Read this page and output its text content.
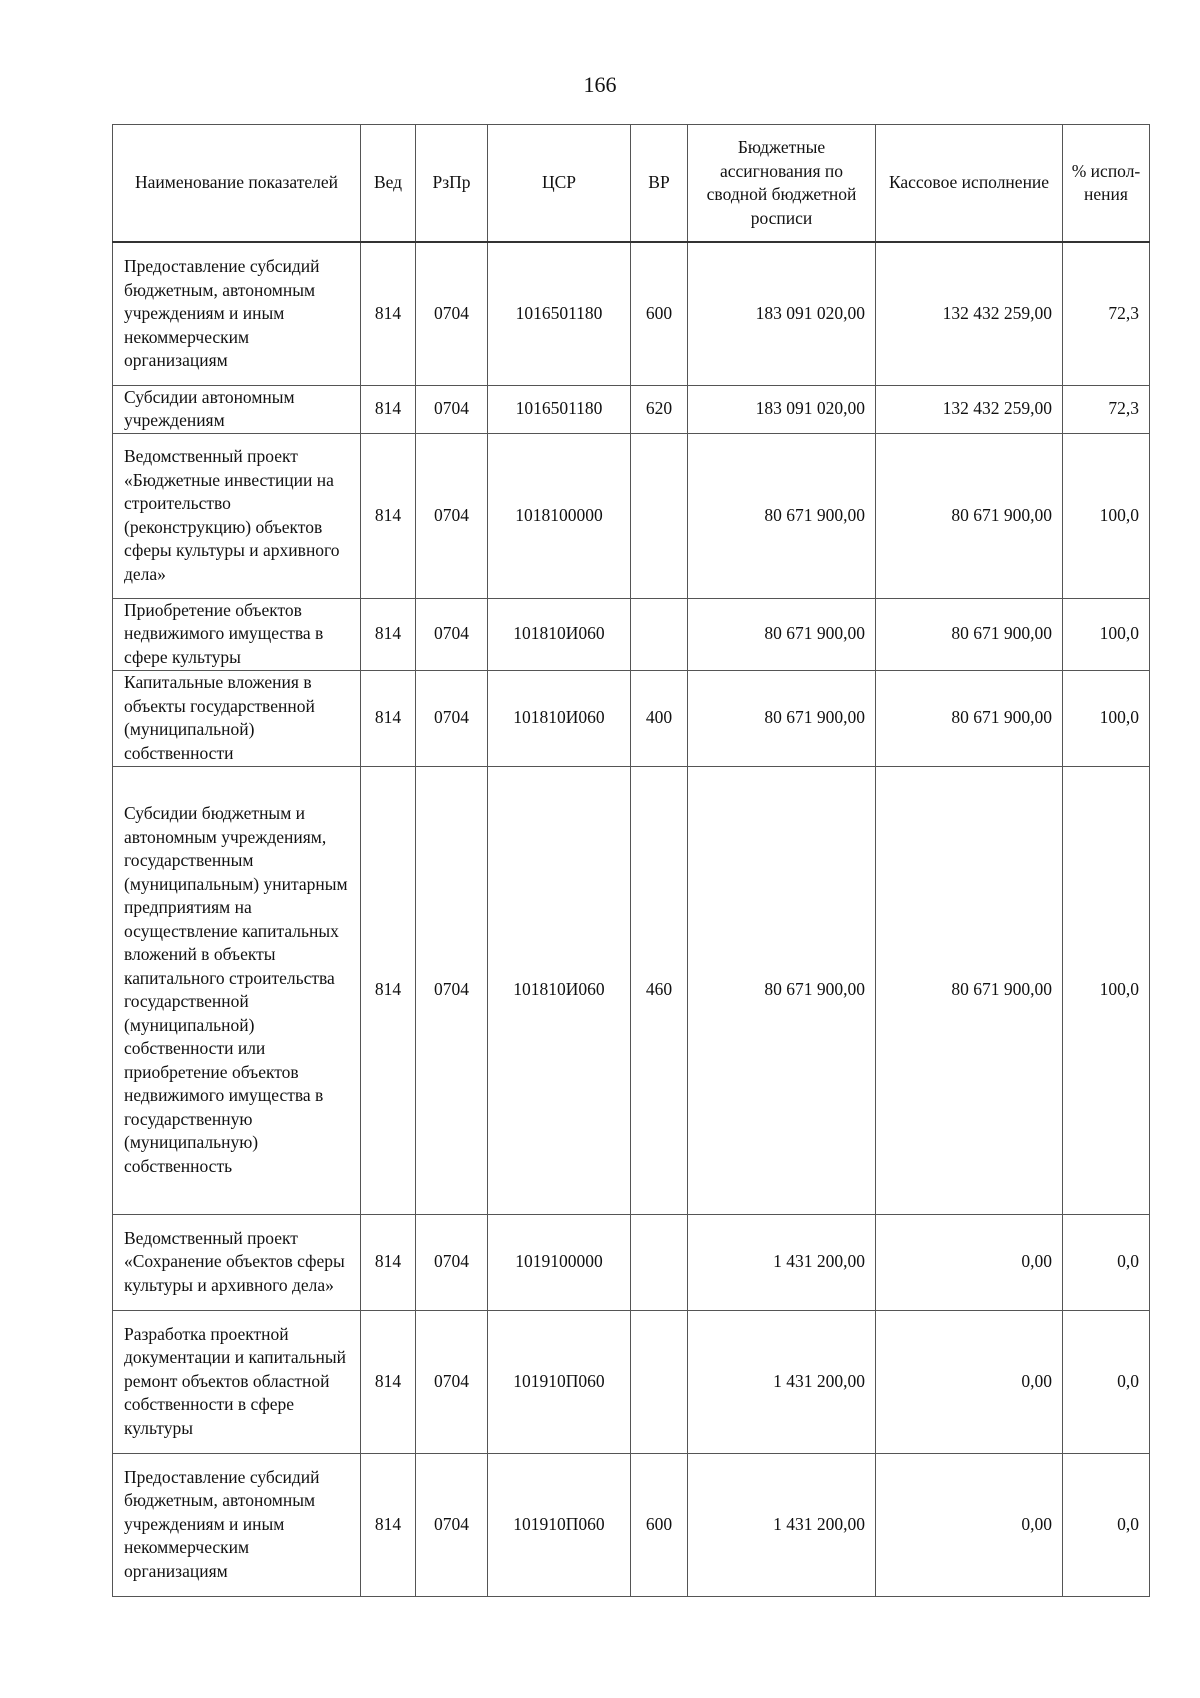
166
Наименование показателей	Вед	РзПр	ЦСР	ВР	Бюджетные ассигнования по сводной бюджетной росписи	Кассовое исполнение	% испол-нения
Предоставление субсидий бюджетным, автономным учреждениям и иным некоммерческим организациям	814	0704	1016501180	600	183 091 020,00	132 432 259,00	72,3
Субсидии автономным учреждениям	814	0704	1016501180	620	183 091 020,00	132 432 259,00	72,3
Ведомственный проект «Бюджетные инвестиции на строительство (реконструкцию) объектов сферы культуры и архивного дела»	814	0704	1018100000		80 671 900,00	80 671 900,00	100,0
Приобретение объектов недвижимого имущества в сфере культуры	814	0704	101810И060		80 671 900,00	80 671 900,00	100,0
Капитальные вложения в объекты государственной (муниципальной) собственности	814	0704	101810И060	400	80 671 900,00	80 671 900,00	100,0
Субсидии бюджетным и автономным учреждениям, государственным (муниципальным) унитарным предприятиям на осуществление капитальных вложений в объекты капитального строительства государственной (муниципальной) собственности или приобретение объектов недвижимого имущества в государственную (муниципальную) собственность	814	0704	101810И060	460	80 671 900,00	80 671 900,00	100,0
Ведомственный проект «Сохранение объектов сферы культуры и архивного дела»	814	0704	1019100000		1 431 200,00	0,00	0,0
Разработка проектной документации и капитальный ремонт объектов областной собственности в сфере культуры	814	0704	101910П060		1 431 200,00	0,00	0,0
Предоставление субсидий бюджетным, автономным учреждениям и иным некоммерческим организациям	814	0704	101910П060	600	1 431 200,00	0,00	0,0
